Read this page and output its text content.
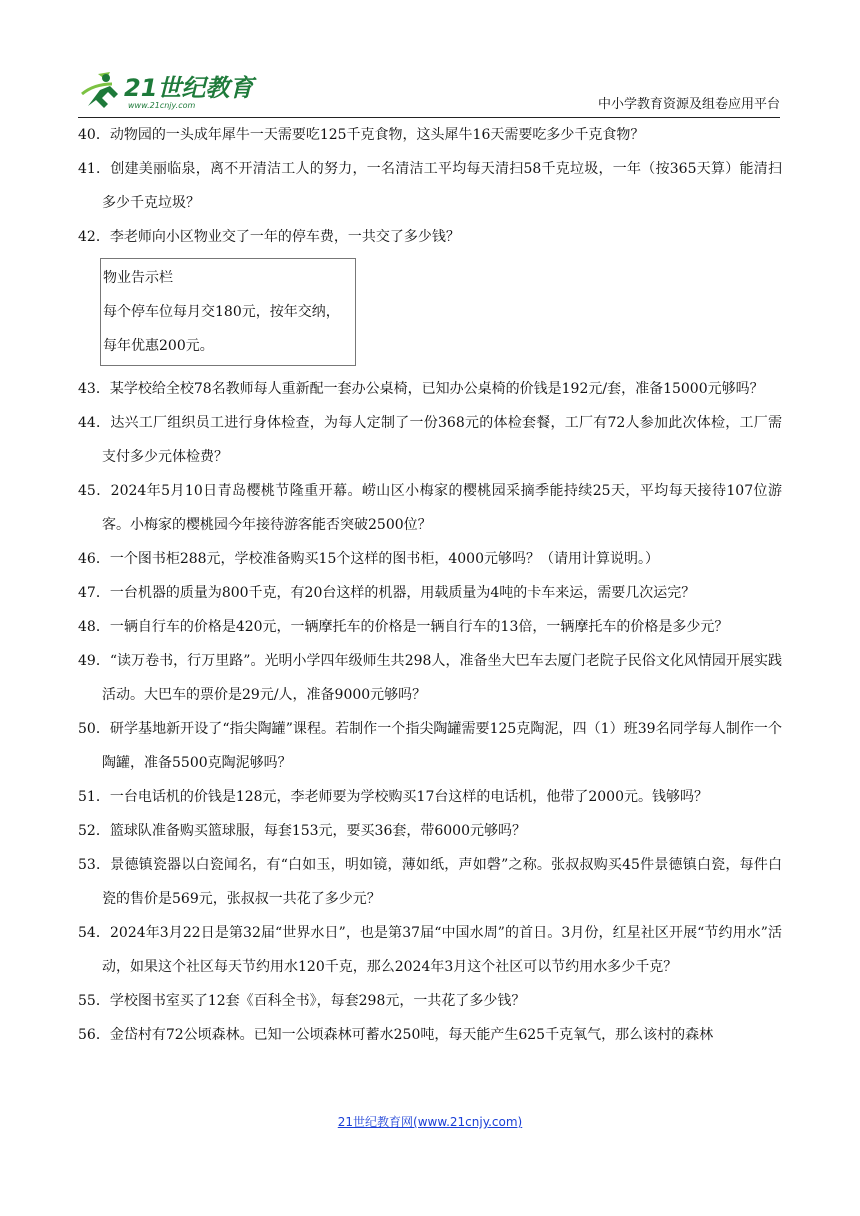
21世纪教育
www.21cnjy.com	中小学教育资源及组卷应用平台

40．动物园的一头成年犀牛一天需要吃125千克食物，这头犀牛16天需要吃多少千克食物？

41．创建美丽临泉，离不开清洁工人的努力，一名清洁工平均每天清扫58千克垃圾，一年（按365天算）能清扫多少千克垃圾？

42．李老师向小区物业交了一年的停车费，一共交了多少钱？

物业告示栏
每个停车位每月交180元，按年交纳，
每年优惠200元。

43．某学校给全校78名教师每人重新配一套办公桌椅，已知办公桌椅的价钱是192元/套，准备15000元够吗？

44．达兴工厂组织员工进行身体检查，为每人定制了一份368元的体检套餐，工厂有72人参加此次体检，工厂需支付多少元体检费？

45．2024年5月10日青岛樱桃节隆重开幕。崂山区小梅家的樱桃园采摘季能持续25天，平均每天接待107位游客。小梅家的樱桃园今年接待游客能否突破2500位？

46．一个图书柜288元，学校准备购买15个这样的图书柜，4000元够吗？（请用计算说明。）

47．一台机器的质量为800千克，有20台这样的机器，用载质量为4吨的卡车来运，需要几次运完？

48．一辆自行车的价格是420元，一辆摩托车的价格是一辆自行车的13倍，一辆摩托车的价格是多少元？

49．“读万卷书，行万里路”。光明小学四年级师生共298人，准备坐大巴车去厦门老院子民俗文化风情园开展实践活动。大巴车的票价是29元/人，准备9000元够吗？

50．研学基地新开设了“指尖陶罐”课程。若制作一个指尖陶罐需要125克陶泥，四（1）班39名同学每人制作一个陶罐，准备5500克陶泥够吗？

51．一台电话机的价钱是128元，李老师要为学校购买17台这样的电话机，他带了2000元。钱够吗？

52．篮球队准备购买篮球服，每套153元，要买36套，带6000元够吗？

53．景德镇瓷器以白瓷闻名，有“白如玉，明如镜，薄如纸，声如磬”之称。张叔叔购买45件景德镇白瓷，每件白瓷的售价是569元，张叔叔一共花了多少元？

54．2024年3月22日是第32届“世界水日”，也是第37届“中国水周”的首日。3月份，红星社区开展“节约用水”活动，如果这个社区每天节约用水120千克，那么2024年3月这个社区可以节约用水多少千克？

55．学校图书室买了12套《百科全书》，每套298元，一共花了多少钱？

56．金岱村有72公顷森林。已知一公顷森林可蓄水250吨，每天能产生625千克氧气，那么该村的森林

21世纪教育网(www.21cnjy.com)
